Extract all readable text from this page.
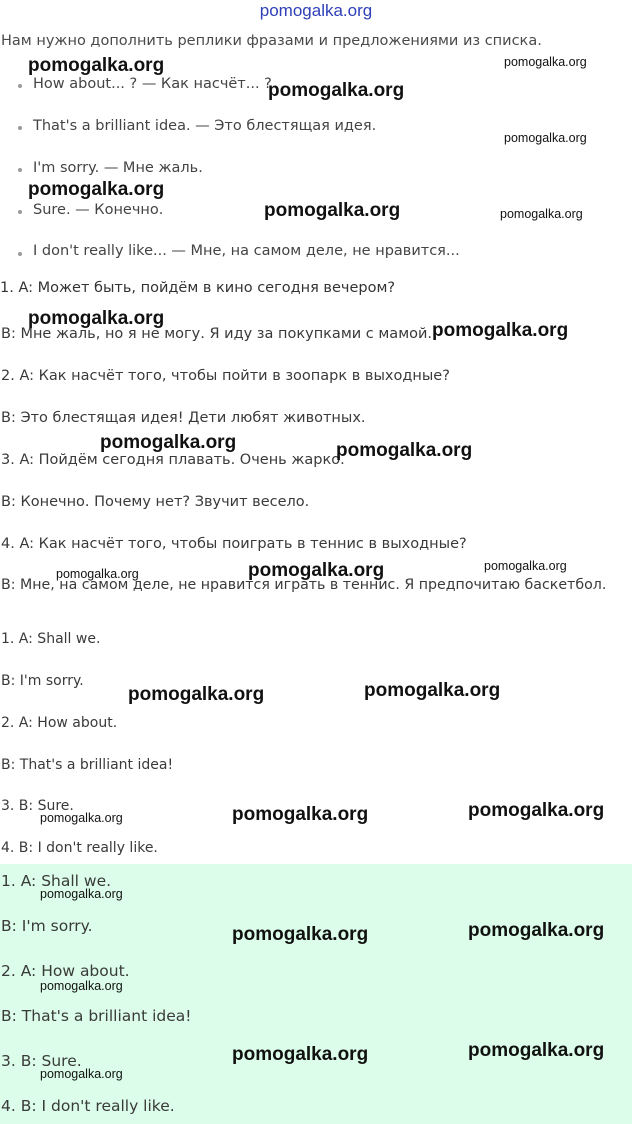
pomogalka.org
Нам нужно дополнить реплики фразами и предложениями из списка.
How about... ? — Как насчёт... ?
That's a brilliant idea. — Это блестящая идея.
I'm sorry. — Мне жаль.
Sure. — Конечно.
I don't really like... — Мне, на самом деле, не нравится...
1. A: Может быть, пойдём в кино сегодня вечером?
B: Мне жаль, но я не могу. Я иду за покупками с мамой.
2. A: Как насчёт того, чтобы пойти в зоопарк в выходные?
B: Это блестящая идея! Дети любят животных.
3. A: Пойдём сегодня плавать. Очень жарко.
B: Конечно. Почему нет? Звучит весело.
4. A: Как насчёт того, чтобы поиграть в теннис в выходные?
B: Мне, на самом деле, не нравится играть в теннис. Я предпочитаю баскетбол.
1. A: Shall we.
B: I'm sorry.
2. A: How about.
B: That's a brilliant idea!
3. B: Sure.
4. B: I don't really like.
1. A: Shall we.
B: I'm sorry.
2. A: How about.
B: That's a brilliant idea!
3. B: Sure.
4. B: I don't really like.
pomogalka.org
pomogalka.org
pomogalka.org
pomogalka.org
pomogalka.org
pomogalka.org	pomogalka.org
pomogalka.org
pomogalka.org
pomogalka.org	pomogalka.org
pomogalka.org
pomogalka.org	pomogalka.org
pomogalka.org	pomogalka.org
pomogalka.org	pomogalka.org	pomogalka.org
pomogalka.org
pomogalka.org	pomogalka.org
pomogalka.org
pomogalka.org	pomogalka.org
pomogalka.org
